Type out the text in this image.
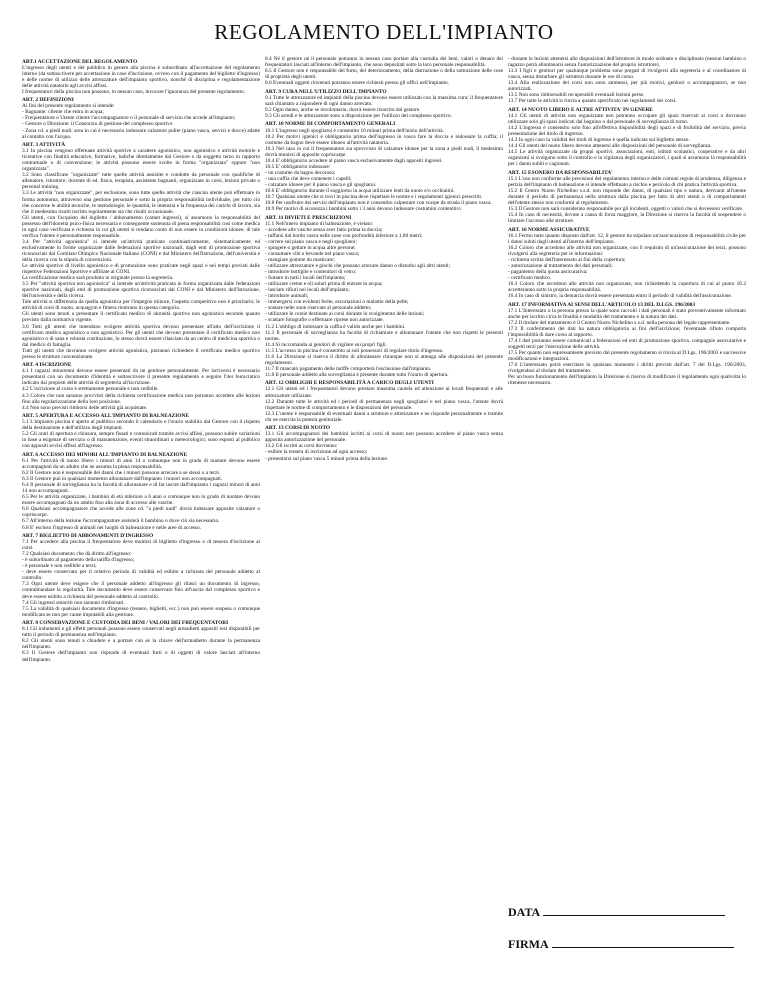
REGOLAMENTO DELL'IMPIANTO
ART.1 ACCETTAZIONE DEL REGOLAMENTO

L'ingresso degli utenti e del pubblico in genere alla piscina è subordinato all'accettazione del regolamento interno (da sottoscrivere per accettazione in caso d'iscrizione, ovvero con il pagamento del biglietto d'ingresso) e delle norme di utilizzo delle attrezzature dell'impianto sportivo, nonché di disciplina e regolamentazione delle attività natatorie agli avvisi affissi.

I frequentatori della piscina non possono, in nessun caso, invocare l'ignoranza del presente regolamento.

ART. 2 DEFINIZIONI

Ai fini del presente regolamento si intende:

- Bagnante: cliente che entra in acqua;

- Frequentatore o Utente cliente l'accompagnatore o il personale di servizio che accede all'impianto;

- Gestore o Direzione: il Consorzio di gestione del complesso sportivo

- Zona cd. a piedi nudi: area in cui è necessario indossare calzature pulite (piano vasca, servizi e docce) adatte al contatto con l'acqua.

ART. 3 ATTIVITÀ

3.1 In piscina vengono effettuate attività sportive a carattere agonistico, non agonistico e attività motorie e ricreative con finalità educative, formative, ludiche direttamente dal Gestore o da soggetto terzo in rapporto contrattuale o di convenzione; le attività possono essere svolte in forma "organizzata" oppure "non organizzata".

3.2 Sono classificate "organizzate" tutte quelle attività assistite e condotte da personale con qualifiche di allenatore, istruttore, docente di ed. fisica, terapista, assistente bagnanti, organizzate in corsi, lezioni private o personal training.

3.3 Le attività "non organizzate", per esclusione, sono tutte quelle attività che ciascun utente può effettuare in forma autonoma, attraverso una gestione personale e sotto la propria responsabilità individuale, per tutto ciò che concerne le abilità tecniche, le metodologie, le quantità, le intensità e la frequenza dei carichi di lavoro, sia che il medesimo risulti iscritto regolarmente sia che risulti occasionale.

Gli utenti, con l'acquisto del biglietto / abbonamento (carnet ingressi), si assumono la responsabilità del possesso dell'idoneità psico-fisica necessaria e conseguente sostenuta di piena responsabilità così come medica in ogni caso verificata e richiesta in cui gli utenti si rendano conto di non essere in condizioni idonee; di tale verifica l'utente è personalmente responsabile.

3.4 Per "attività agonistica" si intende un'attività praticata continuativamente, sistematicamente ed esclusivamente in forme organizzate dalle federazioni sportive nazionali, dagli enti di promozione sportiva riconosciuti dal Comitato Olimpico Nazionale Italiano (CONI) e dal Ministero dell'Istruzione, dell'università e della ricerca con la stipula di convenzioni.

Le attività sportive di livello agonistico e di promozione sono praticate negli spazi e nei tempi previsti dalle rispettive Federazioni Sportive e affiliate al CONI.

La certificazione medica sarà prodotta in originale presso la segreteria.

3.5 Per "attività sportiva non agonistica" si intende un'attività praticata in forma organizzata dalle federazioni sportive nazionali, dagli enti di promozione sportiva riconosciuti dal CONI e dal Ministero dell'Istruzione, dell'università e della ricerca.

Tale attività si differenzia da quella agonistica per l'impegno minore, l'aspetto competitivo non è prioritario; le attività di corsi di nuoto, acquagym e fitness rientrano in questa categoria.

Gli utenti sono tenuti a presentare il certificato medico di idoneità sportiva non agonistica secondo quanto previsto dalla normativa vigente.

3.6 Tutti gli utenti che intendono svolgere attività sportiva devono presentare all'atto dell'iscrizione il certificato medico agonistico o non agonistico. Per gli utenti che devono presentare il certificato medico non agonistico o di sana e robusta costituzione, lo stesso dovrà essere rilasciato da un centro di medicina sportiva o dal medico di famiglia.

Tutti gli utenti che dovranno svolgere attività agonistica, potranno richiedere il certificato medico sportivo presso le strutture convenzionate.

ART. 4 ISCRIZIONE

4.1 I ragazzi minorenni devono essere presentati da un genitore personalmente. Per iscriversi è necessario presentarsi con un documento d'identità e sottoscrivere il presente regolamento e seguire l'iter burocratico indicato dai preposti delle attività di segreteria all'iscrizione.

4.2 L'iscrizione al corso è strettamente personale e non cedibile.

4.3 Coloro che non saranno provvisti della richiesta certificazione medica non potranno accedere alle lezioni fino alla regolarizzazione della loro posizione.

4.4 Non sono previsti rimborsi delle attività già acquistate.

ART. 5 APERTURA E ACCESSO ALL'IMPIANTO DI BALNEAZIONE

5.1 L'impianto piscina è aperto al pubblico secondo il calendario e l'orario stabilito dal Gestore con il rispetto della destinazione e dell'utilizzo degli impianti.

5.2 Gli orari di apertura e chiusura, sempre fissati e comunicati tramite avvisi affissi, possono subire variazioni in base a esigenze di servizio o di manutenzione, eventi straordinari o meteorologici; sono esposti al pubblico con appositi avvisi affissi all'ingresso.

ART. 6 ACCESSO DEI MINORI ALL'IMPIANTO DI BALNEAZIONE

6.1 Per l'attività di nuoto libero i minori di anni 14 o comunque non in grado di nuotare devono essere accompagnati da un adulto che ne assuma la piena responsabilità.

6.2 Il Gestore non è responsabile dei danni che i minori possono arrecare a se stessi o a terzi.

6.3 Il Gestore può in qualsiasi momento allontanare dall'impianto i minori non accompagnati.

6.4 Il personale di sorveglianza ha la facoltà di allontanare e di far uscire dall'impianto i ragazzi minori di anni 14 non accompagnati.

6.5 Per le attività organizzate, i bambini di età inferiore a 6 anni o comunque non in grado di nuotare devono essere accompagnati da un adulto fino alla zona di accesso alle vasche.

6.6 Qualsiasi accompagnatore che accede alle zone cd. "a piedi nudi" dovrà indossare apposite calzature o copriscarpe.

6.7 All'interno della lezione l'accompagnatore assisterà il bambino o dove ciò sia necessario.

6.8 E' escluso l'ingresso di animali nei luoghi di balneazione e nelle aree di accesso.

ART. 7 BIGLIETTO DI ABBONAMENTI D'INGRESSO

7.1 Per accedere alla piscina il frequentatore deve munirsi di biglietto d'ingresso o di tessera d'iscrizione ai corsi.

7.2 Qualsiasi documento che dà diritto all'ingresso:

- è subordinato al pagamento della tariffa d'ingresso;

- è personale e non cedibile a terzi;

- deve essere conservato per il relativo periodo di validità ed esibito a richiesta del personale addetto al controllo.

7.3 Ogni utente deve esigere che il personale addetto all'ingresso gli rilasci un documento di ingresso, contrabbandare la regolarità. Tale documento deve essere conservato fino all'uscita dal complesso sportivo e deve essere esibito a richiesta del personale addetto al controllo.

7.4 Gli ingressi smarriti non saranno rimborsati.

7.5 La validità di qualsiasi documento d'ingresso (tessere, biglietti, ecc.) non può essere sospesa o comunque modificata se non per cause imputabili alla gestione.

ART. 8 CONSERVAZIONE E CUSTODIA DEI BENI / VALORI DEI FREQUENTATORI

8.1 Gli indumenti e gli effetti personali possono essere conservati negli armadietti appositi resi disponibili per tutto il periodo di permanenza nell'impianto.

8.2 Gli utenti sono tenuti a chiudere e a portare con sé la chiave dell'armadietto durante la permanenza nell'impianto.

8.3 Il Gestore dell'impianto non risponde di eventuali furti o di oggetti di valore lasciati all'interno dell'impianto.

8.4 Né il gestore né il personale potranno in nessun caso portare alla custodia dei beni, valori o denaro dei frequentatori lasciati all'interno dell'impianto, che sono depositati sotto la loro personale responsabilità.

8.5 Il Gestore non è responsabile del furto, del deterioramento, della distruzione o della sottrazione delle cose di proprietà degli utenti.

8.6 Eventuali oggetti rinvenuti potranno essere richiesti presso gli uffici nell'impianto.

ART. 9 CURA NELL'UTILIZZO DELL'IMPIANTO

9.1 Tutte le attrezzature ed impianti della piscina devono essere utilizzati con la massima cura; il frequentatore sarà chiamato a rispondere di ogni danno arrecato.

9.2 Ogni danno, anche se involontario, dovrà essere risarcito dal gestore.

9.3 Gli arredi e le attrezzature sono a disposizione per l'utilizzo del complesso sportivo.

ART. 10 NORME DI COMPORTAMENTO GENERALI

10.1 L'ingresso negli spogliatoi è consentito 10 minuti prima dell'inizio dell'attività.

10.2 Per motivi igienici è obbligatorio prima dell'ingresso in vasca fare la doccia e indossare la cuffia; il costume da bagno deve essere idoneo all'attività natatoria.

10.3 Nel caso in cui il frequentatore sia sprovvisto di calzature idonee per la zona a piedi nudi, il medesimo dovrà munirsi di apposite copriscarpe.

10.4 E' obbligatorio accedere al piano vasca esclusivamente dagli appositi ingressi.

10.5 E' obbligatorio indossare:

- un costume da bagno decoroso;

- una cuffia che deve contenere i capelli;

- calzature idonee per il piano vasca e gli spogliatoi.

10.6 E' obbligatorio durante il soggiorno in acqua utilizzare lenti da nuoto e/o occhialini.

10.7 Qualsiasi utente che si trovi in piscina deve rispettare le norme e i regolamenti igienici prescritti.

10.8 Per usufruire dei servizi dell'impianto non è consentito calpestare con scarpe da strada il piano vasca.

10.9 Per motivi di sicurezza i bambini sotto i 3 anni devono indossare costumini contenitivi.

ART. 11 DIVIETI E PRESCRIZIONI

11.1 Nell'intero impianto di balneazione, è vietato:

- accedere alle vasche senza aver fatto prima la doccia;

- tuffarsi dal bordo vasca nelle zone con profondità inferiore a 1,80 metri;

- correre sul piano vasca e negli spogliatoi;

- spingere o gettare in acqua altre persone;

- consumare cibi e bevande nel piano vasca;

- mangiare gomme da masticare;

- utilizzare attrezzature e giochi che possano arrecare danno o disturbo agli altri utenti;

- introdurre bottiglie e contenitori di vetro;

- fumare in tutti i locali dell'impianto;

- utilizzare creme e oli solari prima di entrare in acqua;

- lasciare rifiuti nei locali dell'impianto;

- introdurre animali;

- immergersi con evidenti ferite, escoriazioni o malattie della pelle;

- sostare nelle zone riservate al personale addetto;

- utilizzare le corsie destinate ai corsi durante lo svolgimento delle lezioni;

- scattare fotografie o effettuare riprese non autorizzate.

11.2 L'obbligo di indossare la cuffia è valido anche per i bambini.

11.3 Il personale di sorveglianza ha facoltà di richiamare e allontanare l'utente che non rispetti le presenti norme.

11.4 Si raccomanda ai genitori di vigilare sui propri figli.

11.5 L'accesso in piscina è consentito ai soli possessori di regolare titolo d'ingresso.

11.6 La Direzione si riserva il diritto di allontanare chiunque non si attenga alle disposizioni del presente regolamento.

11.7 Il mancato pagamento delle tariffe comporterà l'esclusione dall'impianto.

11.8 Il personale addetto alla sorveglianza è presente durante tutto l'orario di apertura.

ART. 12 OBBLIGHI E RESPONSABILITÀ A CARICO DEGLI UTENTI

12.1 Gli utenti ed i frequentatori devono prestare massima cautela ed attenzione ai locali frequentati e alle attrezzature utilizzate.

12.2 Durante tutte le attività ed i periodi di permanenza negli spogliatoi e nel piano vasca, l'utente dovrà rispettare le norme di comportamento e le disposizioni del personale.

12.3 L'utente è responsabile di eventuali danni a strutture e attrezzature e ne risponde personalmente o tramite chi ne esercita la potestà genitoriale.

ART. 13 CORSI DI NUOTO

13.1 Gli accompagnatori dei bambini iscritti ai corsi di nuoto non possono accedere al piano vasca senza apposita autorizzazione del personale.

13.2 Gli iscritti ai corsi dovranno:

- esibire la tessera di iscrizione ad ogni accesso;

- presentarsi sul piano vasca 5 minuti prima della lezione.

- durante le lezioni attenersi alle disposizioni dell'istruttore in modo ordinato e disciplinato (nessun bambino o ragazzo potrà allontanarsi senza l'autorizzazione del proprio istruttore).

13.3 I figli e genitori per qualunque problema sono pregati di rivolgersi alla segreteria e al coordinatore di vasca, senza disturbare gli istruttori durante le ore di corso.

13.4 Alla realizzazione dei corsi non sono ammessi, per più motivi, genitori o accompagnatori, se non autorizzati.

13.5 Non sono rimborsabili recuperabili eventuali lezioni perse.

13.7 Per tutte le attività si rinvia a quanto specificato nei regolamenti dei corsi.

ART. 14 NUOTO LIBERO E ALTRE ATTIVITA' IN GENERE

14.1 Gli utenti di attività non organizzate non potranno occupare gli spazi riservati ai corsi o dovranno utilizzare solo gli spazi indicati dal bagnino o dal personale di sorveglianza di turno.

14.2 L'ingresso è consentito solo fino all'effettiva disponibilità degli spazi e di fruibilità del servizio, previa presentazione del titolo di ingresso.

14.3 In ogni caso la validità dei titoli di ingresso è quella indicata sul biglietto stesso.

14.4 Gli utenti del nuoto libero devono attenersi alle disposizioni del personale di sorveglianza.

14.5 Le attività organizzate da gruppi sportivi, associazioni, enti, istituti scolastici, cooperative e da altri organismi si svolgono sotto il controllo e la vigilanza degli organizzatori, i quali si assumono la responsabilità per i danni subiti e cagionati.

ART. 15 ESONERO DA RESPONSABILITA'

15.1 L'uso non conforme alle previsioni del regolamento interno e delle comuni regole di prudenza, diligenza e perizia dell'impianto di balneazione si intende effettuato a rischio e pericolo di chi pratica l'attività sportiva.

15.2 Il Centro Nuoto Nichelino s.s.d. non risponde dei danni, di qualsiasi tipo e natura, derivanti all'utente durante il periodo di permanenza nella struttura dalla piscina per fatto di altri utenti o di comportamenti dell'utente stesso non conformi al regolamento.

15.3 Il Gestore non sarà considerato responsabile per gli incidenti, oggetti o valori che si dovessero verificare.

15.4 In caso di necessità, dovute a causa di forza maggiore, la Direzione si riserva la facoltà di sospendere o limitare l'accesso alle strutture.

ART. 16 NORME ASSICURATIVE

16.1 Fermo tutto quanto disposto dall'art. 12, il gestore ha stipulato un'assicurazione di responsabilità civile per i danni subiti dagli utenti all'interno dell'impianto.

16.2 Coloro che accedono alle attività non organizzate, con il requisito di un'assicurazione dei terzi, possono rivolgersi alla segreteria per le informazioni:

- richiesta scritta dell'interessato ai fini della copertura;

- autorizzazione al trattamento dei dati personali;

- pagamento della quota assicurativa;

- certificato medico.

16.3 Coloro che accedono alle attività non organizzate, non richiedendo la copertura di cui al punto 16.2 accetteranno sotto la propria responsabilità.

16.4 In caso di sinistro, la denuncia dovrà essere presentata entro il periodo di validità dell'assicurazione.

ART. 17 INFORMATIVA AI SENSI DELL'ARTICOLO 13 DEL D.LGS. 196/2003

17.1 L'Interessato o la persona presso la quale sono raccolti i dati personali è stato preventivamente informato anche per iscritto circa le finalità e modalità del trattamento e la natura dei dati.

17.2 Il titolare del trattamento è il Centro Nuoto Nichelino s.s.d. nella persona del legale rappresentante.

17.3 Il conferimento dei dati ha natura obbligatoria ai fini dell'iscrizione; l'eventuale rifiuto comporta l'impossibilità di dare corso al rapporto.

17.4 I dati potranno essere comunicati a federazioni ed enti di promozione sportiva, compagnie assicurative e soggetti terzi per l'esecuzione delle attività.

17.5 Per quanto non espressamente previsto dal presente regolamento si rinvia al D.Lgs. 196/2003 e successive modificazioni e integrazioni.

17.6 L'interessato potrà esercitare in qualsiasi momento i diritti previsti dall'art. 7 del D.Lgs. 196/2003, rivolgendosi al titolare del trattamento.

Per un buon funzionamento dell'impianto la Direzione si riserva di modificare il regolamento ogni qualvolta lo ritenesse necessario.

DATA
FIRMA
